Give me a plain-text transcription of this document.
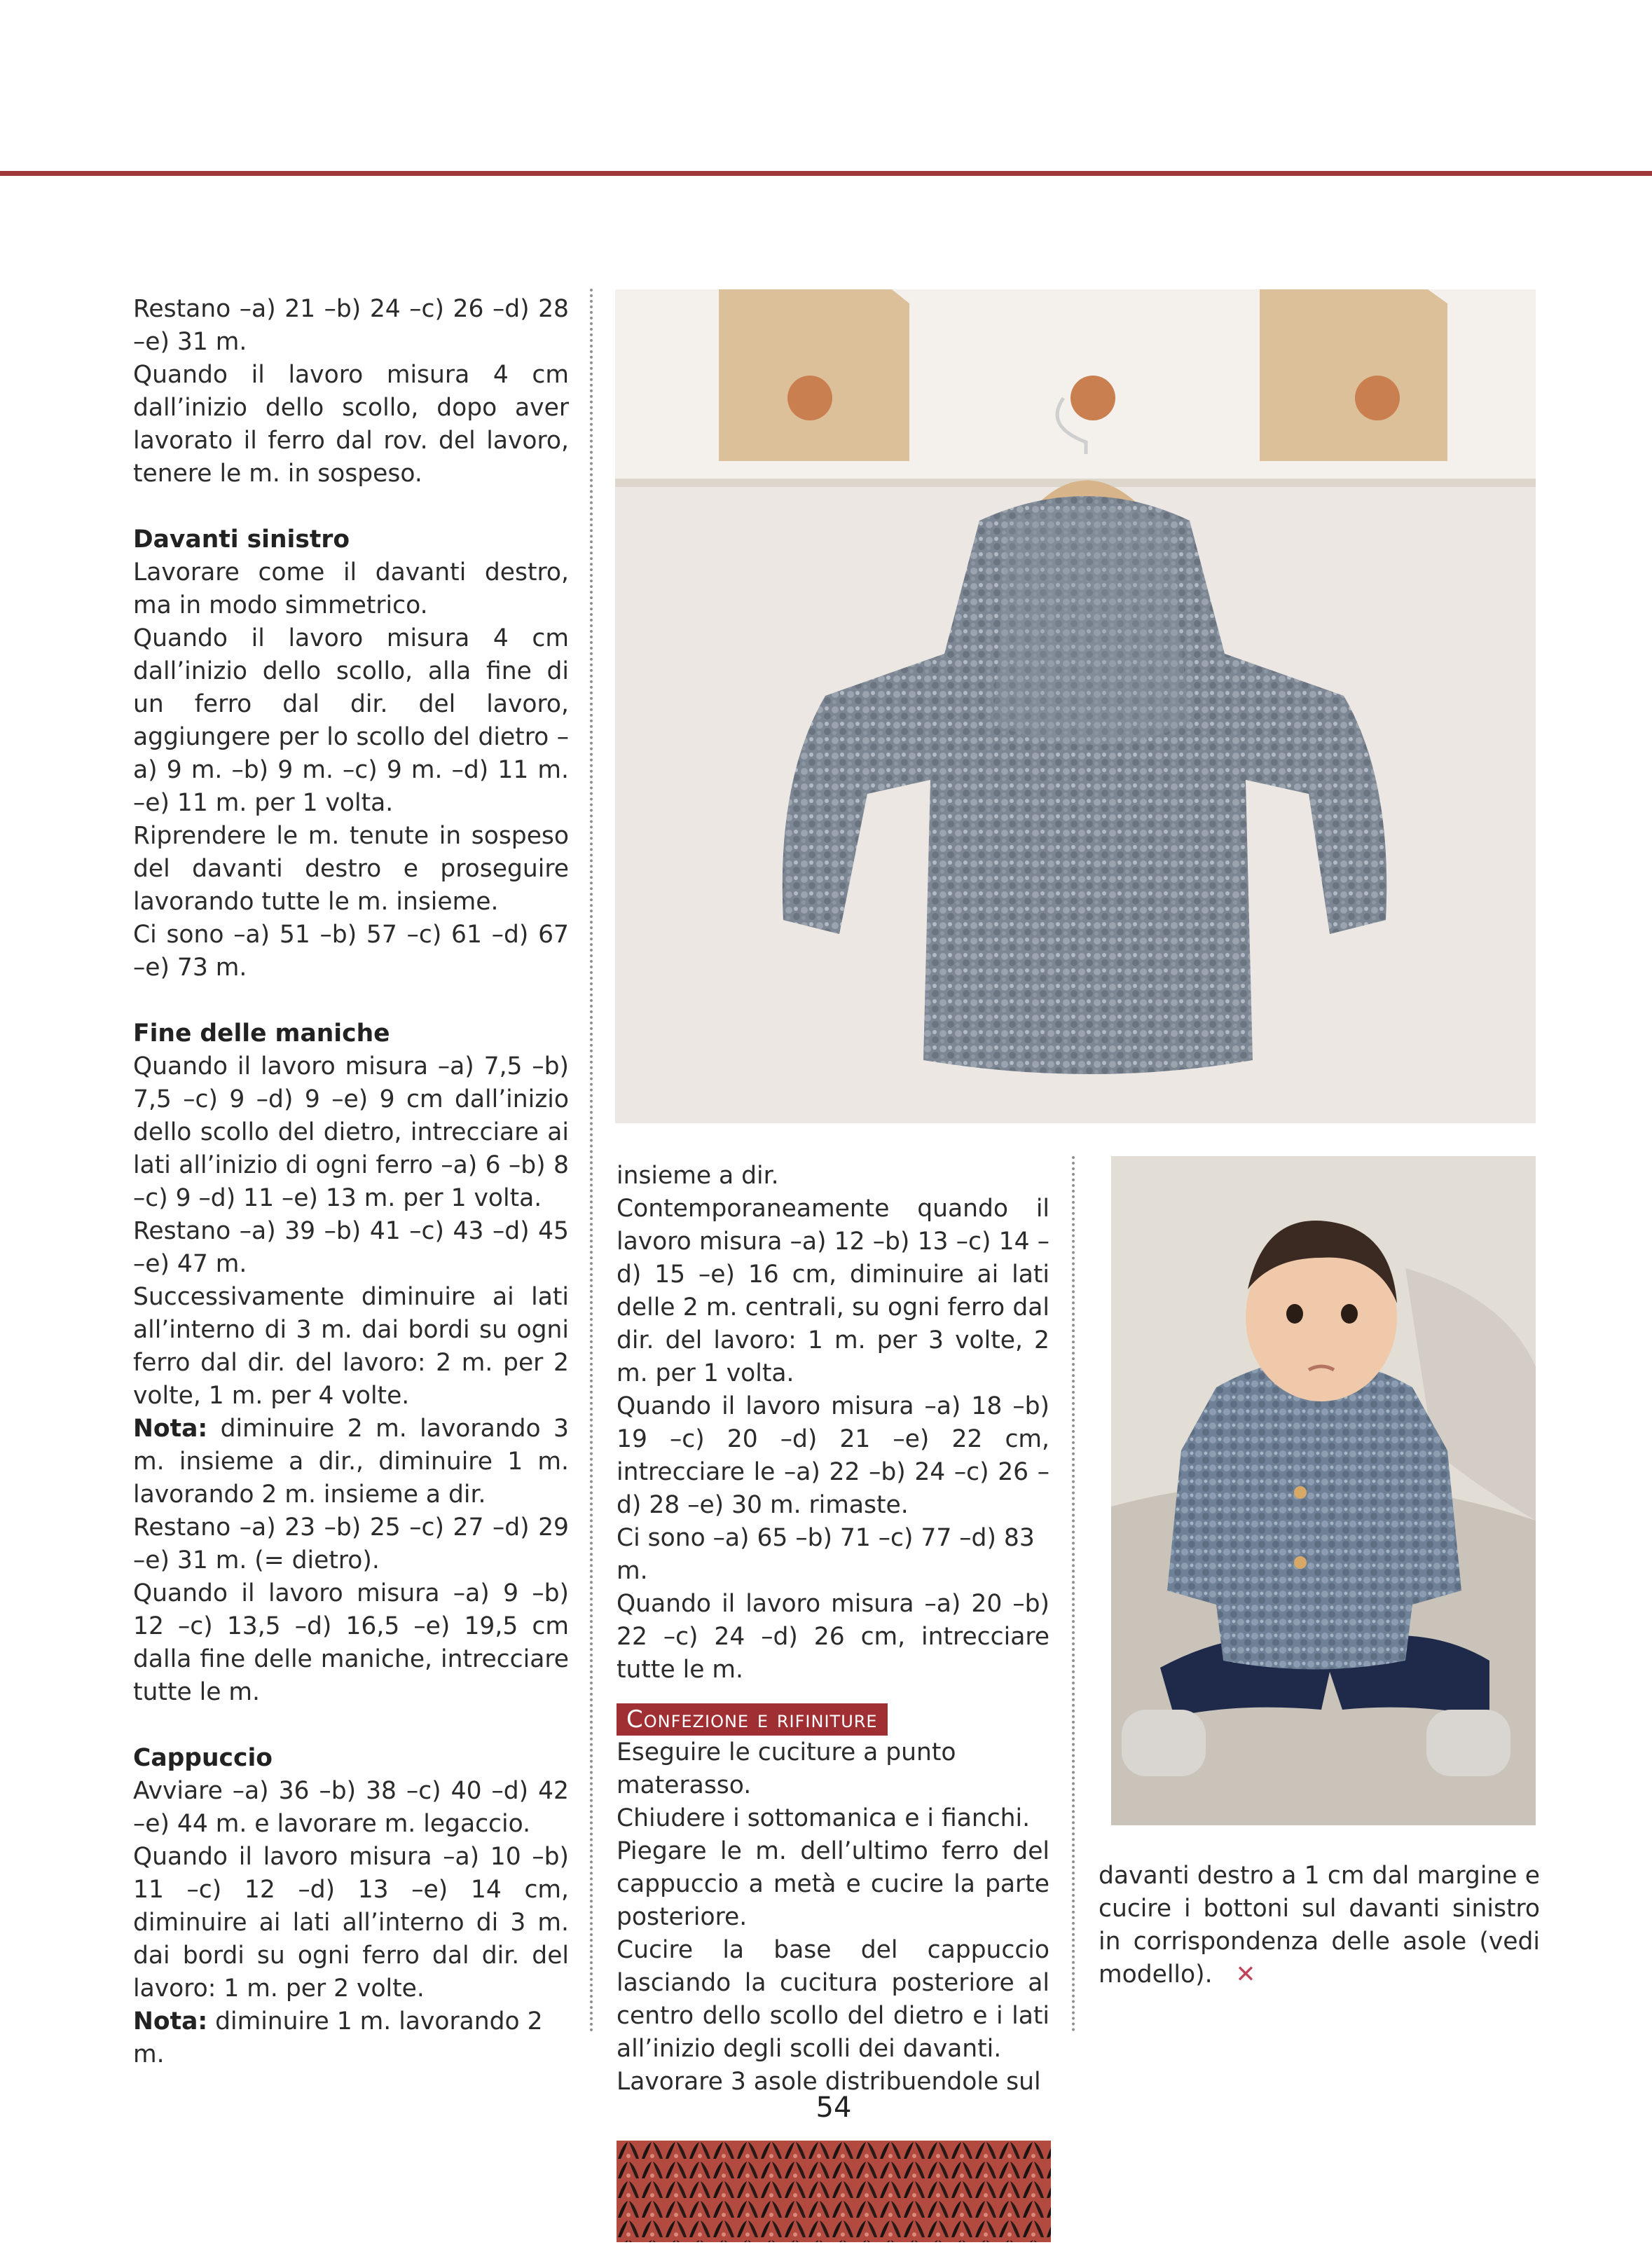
Restano –a) 21 –b) 24 –c) 26 –d) 28 –e) 31 m.

Quando il lavoro misura 4 cm dall’inizio dello scollo, dopo aver lavorato il ferro dal rov. del lavoro, tenere le m. in sospeso.

Davanti sinistro

Lavorare come il davanti destro, ma in modo simmetrico.

Quando il lavoro misura 4 cm dall’inizio dello scollo, alla fine di un ferro dal dir. del lavoro, aggiungere per lo scollo del dietro –a) 9 m. –b) 9 m. –c) 9 m. –d) 11 m. –e) 11 m. per 1 volta.

Riprendere le m. tenute in sospeso del davanti destro e proseguire lavorando tutte le m. insieme.

Ci sono –a) 51 –b) 57 –c) 61 –d) 67 –e) 73 m.

Fine delle maniche

Quando il lavoro misura –a) 7,5 –b) 7,5 –c) 9 –d) 9 –e) 9 cm dall’inizio dello scollo del dietro, intrecciare ai lati all’inizio di ogni ferro –a) 6 –b) 8 –c) 9 –d) 11 –e) 13 m. per 1 volta.

Restano –a) 39 –b) 41 –c) 43 –d) 45 –e) 47 m.

Successivamente diminuire ai lati all’interno di 3 m. dai bordi su ogni ferro dal dir. del lavoro: 2 m. per 2 volte, 1 m. per 4 volte.

Nota: diminuire 2 m. lavorando 3 m. insieme a dir., diminuire 1 m. lavorando 2 m. insieme a dir.

Restano –a) 23 –b) 25 –c) 27 –d) 29 –e) 31 m. (= dietro).

Quando il lavoro misura –a) 9 –b) 12 –c) 13,5 –d) 16,5 –e) 19,5 cm dalla fine delle maniche, intrecciare tutte le m.

Cappuccio

Avviare –a) 36 –b) 38 –c) 40 –d) 42 –e) 44 m. e lavorare m. legaccio.

Quando il lavoro misura –a) 10 –b) 11 –c) 12 –d) 13 –e) 14 cm, diminuire ai lati all’interno di 3 m. dai bordi su ogni ferro dal dir. del lavoro: 1 m. per 2 volte.

Nota: diminuire 1 m. lavorando 2 m.

insieme a dir.

Contemporaneamente quando il lavoro misura –a) 12 –b) 13 –c) 14 –d) 15 –e) 16 cm, diminuire ai lati delle 2 m. centrali, su ogni ferro dal dir. del lavoro: 1 m. per 3 volte, 2 m. per 1 volta.

Quando il lavoro misura –a) 18 –b) 19 –c) 20 –d) 21 –e) 22 cm, intrecciare le –a) 22 –b) 24 –c) 26 –d) 28 –e) 30 m. rimaste.

Ci sono –a) 65 –b) 71 –c) 77 –d) 83 m.

Quando il lavoro misura –a) 20 –b) 22 –c) 24 –d) 26 cm, intrecciare tutte le m.

Confezione e rifiniture

Eseguire le cuciture a punto materasso.

Chiudere i sottomanica e i fianchi.

Piegare le m. dell’ultimo ferro del cappuccio a metà e cucire la parte posteriore.

Cucire la base del cappuccio lasciando la cucitura posteriore al centro dello scollo del dietro e i lati all’inizio degli scolli dei davanti.

Lavorare 3 asole distribuendole sul

davanti destro a 1 cm dal margine e cucire i bottoni sul davanti sinistro in corrispondenza delle asole (vedi modello). ✕

54
